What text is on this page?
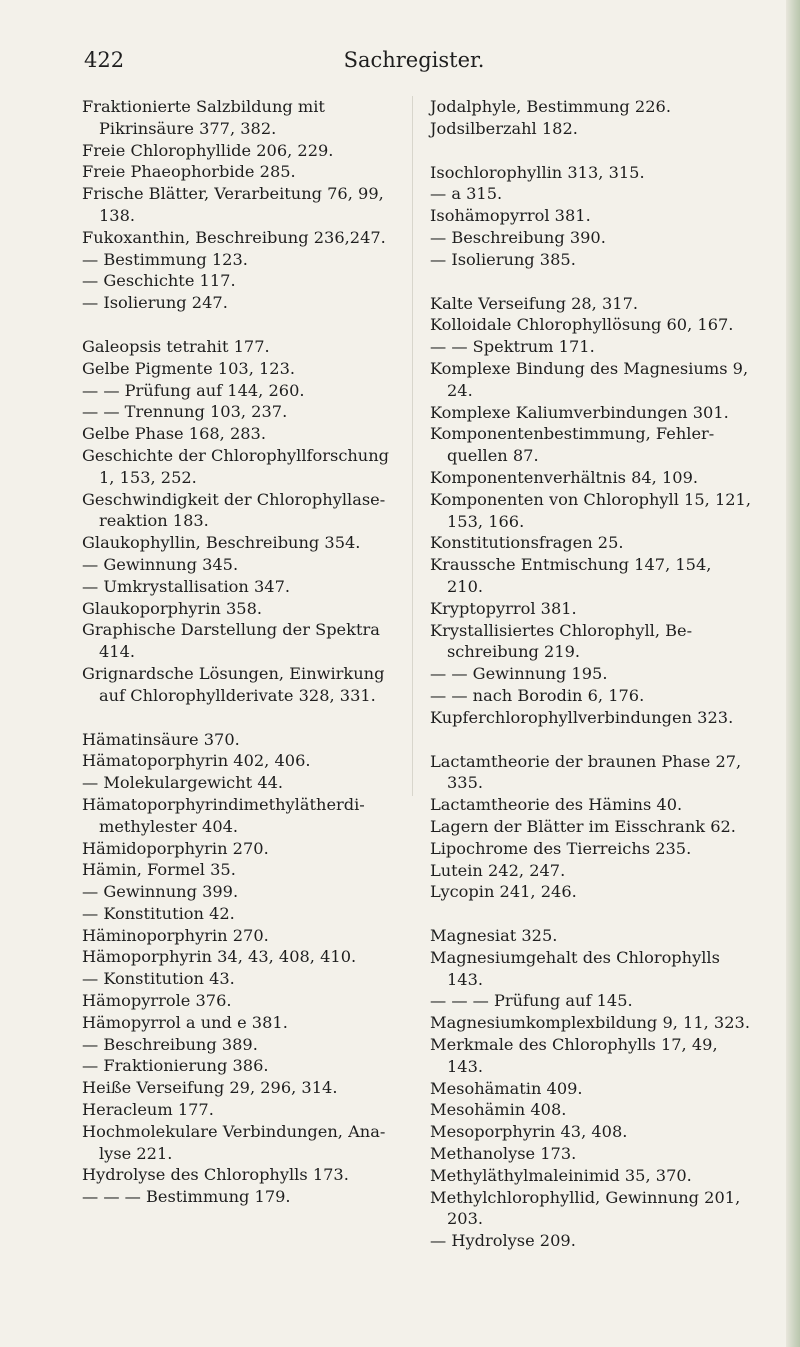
422	Sachregister.
Fraktionierte Salzbildung mit Pikrinsäure 377, 382.
Freie Chlorophyllide 206, 229.
Freie Phaeophorbide 285.
Frische Blätter, Verarbeitung 76, 99, 138.
Fukoxanthin, Beschreibung 236,247.
— Bestimmung 123.
— Geschichte 117.
— Isolierung 247.
Galeopsis tetrahit 177.
Gelbe Pigmente 103, 123.
— — Prüfung auf 144, 260.
— — Trennung 103, 237.
Gelbe Phase 168, 283.
Geschichte der Chlorophyllforschung 1, 153, 252.
Geschwindigkeit der Chlorophyllase-reaktion 183.
Glaukophyllin, Beschreibung 354.
— Gewinnung 345.
— Umkrystallisation 347.
Glaukoporphyrin 358.
Graphische Darstellung der Spektra 414.
Grignardsche Lösungen, Einwirkung auf Chlorophyllderivate 328, 331.
Hämatinsäure 370.
Hämatoporphyrin 402, 406.
— Molekulargewicht 44.
Hämatoporphyrindimethylätherdi-methylester 404.
Hämidoporphyrin 270.
Hämin, Formel 35.
— Gewinnung 399.
— Konstitution 42.
Häminoporphyrin 270.
Hämoporphyrin 34, 43, 408, 410.
— Konstitution 43.
Hämopyrrole 376.
Hämopyrrol a und e 381.
— Beschreibung 389.
— Fraktionierung 386.
Heiße Verseifung 29, 296, 314.
Heracleum 177.
Hochmolekulare Verbindungen, Ana-lyse 221.
Hydrolyse des Chlorophylls 173.
— — — Bestimmung 179.
Jodalphyle, Bestimmung 226.
Jodsilberzahl 182.
Isochlorophyllin 313, 315.
— a 315.
Isohämopyrrol 381.
— Beschreibung 390.
— Isolierung 385.
Kalte Verseifung 28, 317.
Kolloidale Chlorophyllösung 60, 167.
— — Spektrum 171.
Komplexe Bindung des Magnesiums 9, 24.
Komplexe Kaliumverbindungen 301.
Komponentenbestimmung, Fehler-quellen 87.
Komponentenverhältnis 84, 109.
Komponenten von Chlorophyll 15, 121, 153, 166.
Konstitutionsfragen 25.
Kraussche Entmischung 147, 154, 210.
Kryptopyrrol 381.
Krystallisiertes Chlorophyll, Be-schreibung 219.
— — Gewinnung 195.
— — nach Borodin 6, 176.
Kupferchlorophyllverbindungen 323.
Lactamtheorie der braunen Phase 27, 335.
Lactamtheorie des Hämins 40.
Lagern der Blätter im Eisschrank 62.
Lipochrome des Tierreichs 235.
Lutein 242, 247.
Lycopin 241, 246.
Magnesiat 325.
Magnesiumgehalt des Chlorophylls 143.
— — — Prüfung auf 145.
Magnesiumkomplexbildung 9, 11, 323.
Merkmale des Chlorophylls 17, 49, 143.
Mesohämatin 409.
Mesohämin 408.
Mesoporphyrin 43, 408.
Methanolyse 173.
Methyläthylmaleinimid 35, 370.
Methylchlorophyllid, Gewinnung 201, 203.
— Hydrolyse 209.
